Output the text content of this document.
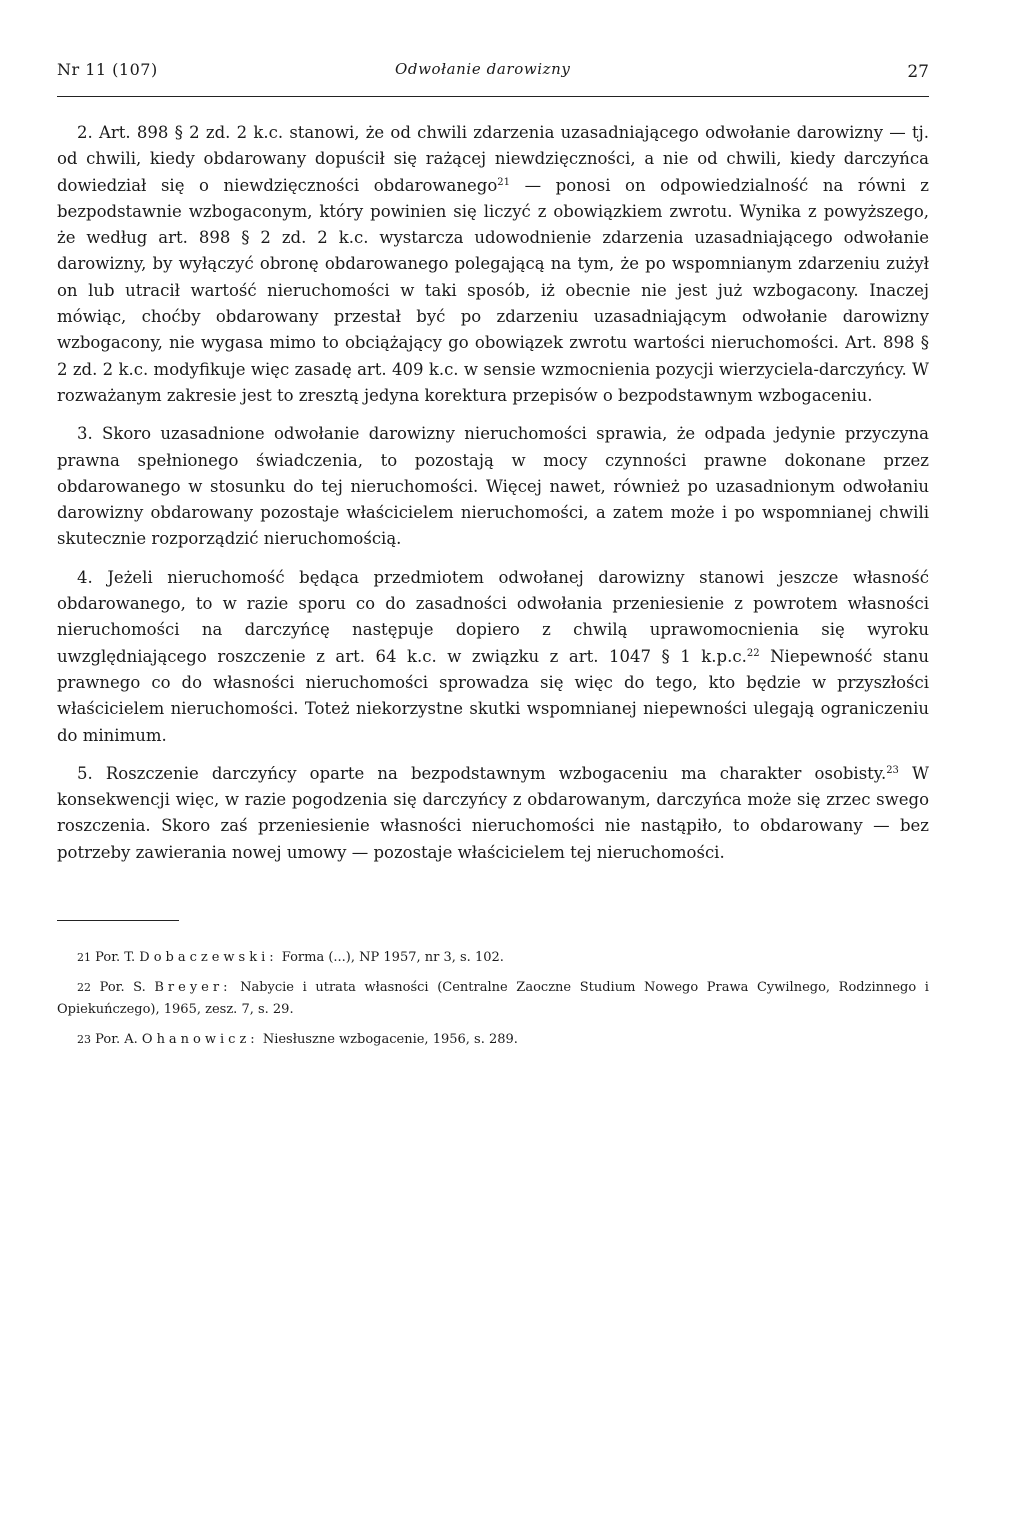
Nr 11 (107)	Odwołanie darowizny	27

2. Art. 898 § 2 zd. 2 k.c. stanowi, że od chwili zdarzenia uzasadniającego odwołanie darowizny — tj. od chwili, kiedy obdarowany dopuścił się rażącej niewdzięczności, a nie od chwili, kiedy darczyńca dowiedział się o niewdzięczności obdarowanego$^{21}$ — ponosi on odpowiedzialność na równi z bezpodstawnie wzbogaconym, który powinien się liczyć z obowiązkiem zwrotu. Wynika z powyższego, że według art. 898 § 2 zd. 2 k.c. wystarcza udowodnienie zdarzenia uzasadniającego odwołanie darowizny, by wyłączyć obronę obdarowanego polegającą na tym, że po wspomnianym zdarzeniu zużył on lub utracił wartość nieruchomości w taki sposób, iż obecnie nie jest już wzbogacony. Inaczej mówiąc, choćby obdarowany przestał być po zdarzeniu uzasadniającym odwołanie darowizny wzbogacony, nie wygasa mimo to obciążający go obowiązek zwrotu wartości nieruchomości. Art. 898 § 2 zd. 2 k.c. modyfikuje więc zasadę art. 409 k.c. w sensie wzmocnienia pozycji wierzyciela-darczyńcy. W rozważanym zakresie jest to zresztą jedyna korektura przepisów o bezpodstawnym wzbogaceniu.

3. Skoro uzasadnione odwołanie darowizny nieruchomości sprawia, że odpada jedynie przyczyna prawna spełnionego świadczenia, to pozostają w mocy czynności prawne dokonane przez obdarowanego w stosunku do tej nieruchomości. Więcej nawet, również po uzasadnionym odwołaniu darowizny obdarowany pozostaje właścicielem nieruchomości, a zatem może i po wspomnianej chwili skutecznie rozporządzić nieruchomością.

4. Jeżeli nieruchomość będąca przedmiotem odwołanej darowizny stanowi jeszcze własność obdarowanego, to w razie sporu co do zasadności odwołania przeniesienie z powrotem własności nieruchomości na darczyńcę następuje dopiero z chwilą uprawomocnienia się wyroku uwzględniającego roszczenie z art. 64 k.c. w związku z art. 1047 § 1 k.p.c.$^{22}$ Niepewność stanu prawnego co do własności nieruchomości sprowadza się więc do tego, kto będzie w przyszłości właścicielem nieruchomości. Toteż niekorzystne skutki wspomnianej niepewności ulegają ograniczeniu do minimum.

5. Roszczenie darczyńcy oparte na bezpodstawnym wzbogaceniu ma charakter osobisty.$^{23}$ W konsekwencji więc, w razie pogodzenia się darczyńcy z obdarowanym, darczyńca może się zrzec swego roszczenia. Skoro zaś przeniesienie własności nieruchomości nie nastąpiło, to obdarowany — bez potrzeby zawierania nowej umowy — pozostaje właścicielem tej nieruchomości.

21 Por. T. Dobaczewski: Forma (...), NP 1957, nr 3, s. 102.

22 Por. S. Breyer: Nabycie i utrata własności (Centralne Zaoczne Studium Nowego Prawa Cywilnego, Rodzinnego i Opiekuńczego), 1965, zesz. 7, s. 29.

23 Por. A. Ohanowicz: Niesłuszne wzbogacenie, 1956, s. 289.
